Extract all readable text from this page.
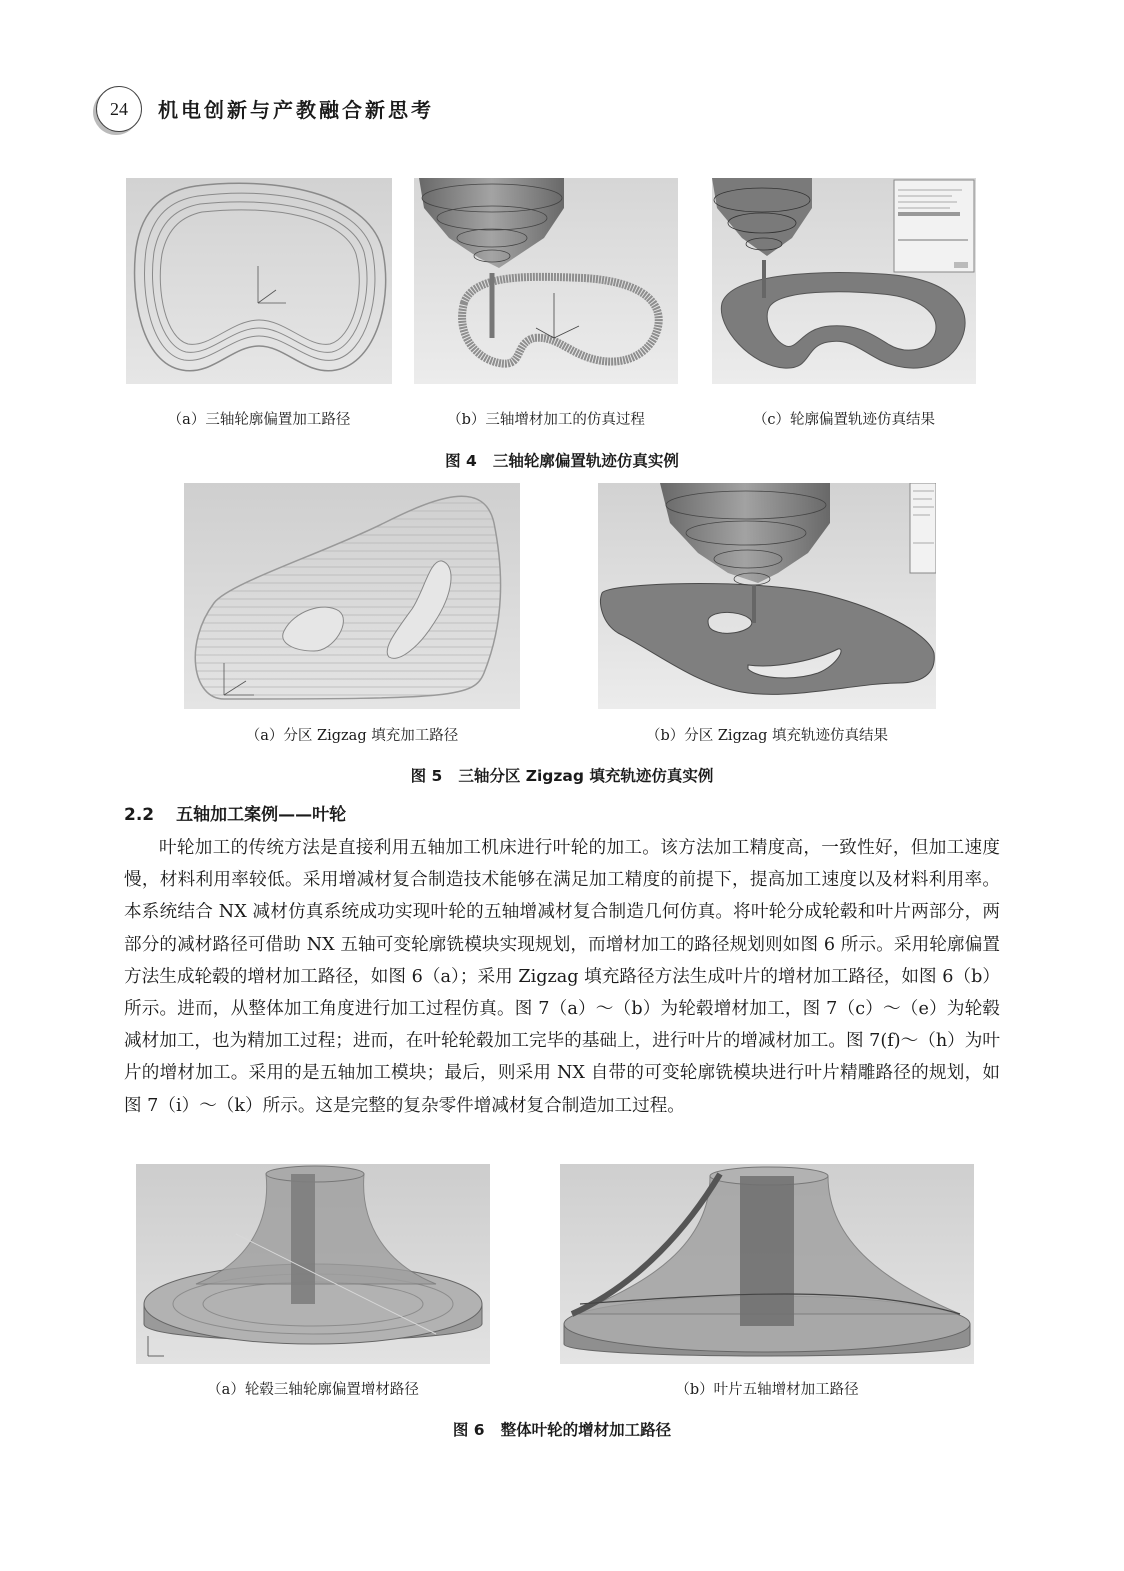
24	机电创新与产教融合新思考
（a）三轴轮廓偏置加工路径	（b）三轴增材加工的仿真过程	（c）轮廓偏置轨迹仿真结果
图 4 三轴轮廓偏置轨迹仿真实例
（a）分区 Zigzag 填充加工路径	（b）分区 Zigzag 填充轨迹仿真结果
图 5 三轴分区 Zigzag 填充轨迹仿真实例
2.2 五轴加工案例——叶轮

叶轮加工的传统方法是直接利用五轴加工机床进行叶轮的加工。该方法加工精度高，一致性好，但加工速度慢，材料利用率较低。采用增减材复合制造技术能够在满足加工精度的前提下，提高加工速度以及材料利用率。本系统结合 NX 减材仿真系统成功实现叶轮的五轴增减材复合制造几何仿真。将叶轮分成轮毂和叶片两部分，两部分的减材路径可借助 NX 五轴可变轮廓铣模块实现规划，而增材加工的路径规划则如图 6 所示。采用轮廓偏置方法生成轮毂的增材加工路径，如图 6（a）；采用 Zigzag 填充路径方法生成叶片的增材加工路径，如图 6（b）所示。进而，从整体加工角度进行加工过程仿真。图 7（a）～（b）为轮毂增材加工，图 7（c）～（e）为轮毂减材加工，也为精加工过程；进而，在叶轮轮毂加工完毕的基础上，进行叶片的增减材加工。图 7(f)～（h）为叶片的增材加工。采用的是五轴加工模块；最后，则采用 NX 自带的可变轮廓铣模块进行叶片精雕路径的规划，如图 7（i）～（k）所示。这是完整的复杂零件增减材复合制造加工过程。

（a）轮毂三轴轮廓偏置增材路径	（b）叶片五轴增材加工路径
图 6 整体叶轮的增材加工路径
